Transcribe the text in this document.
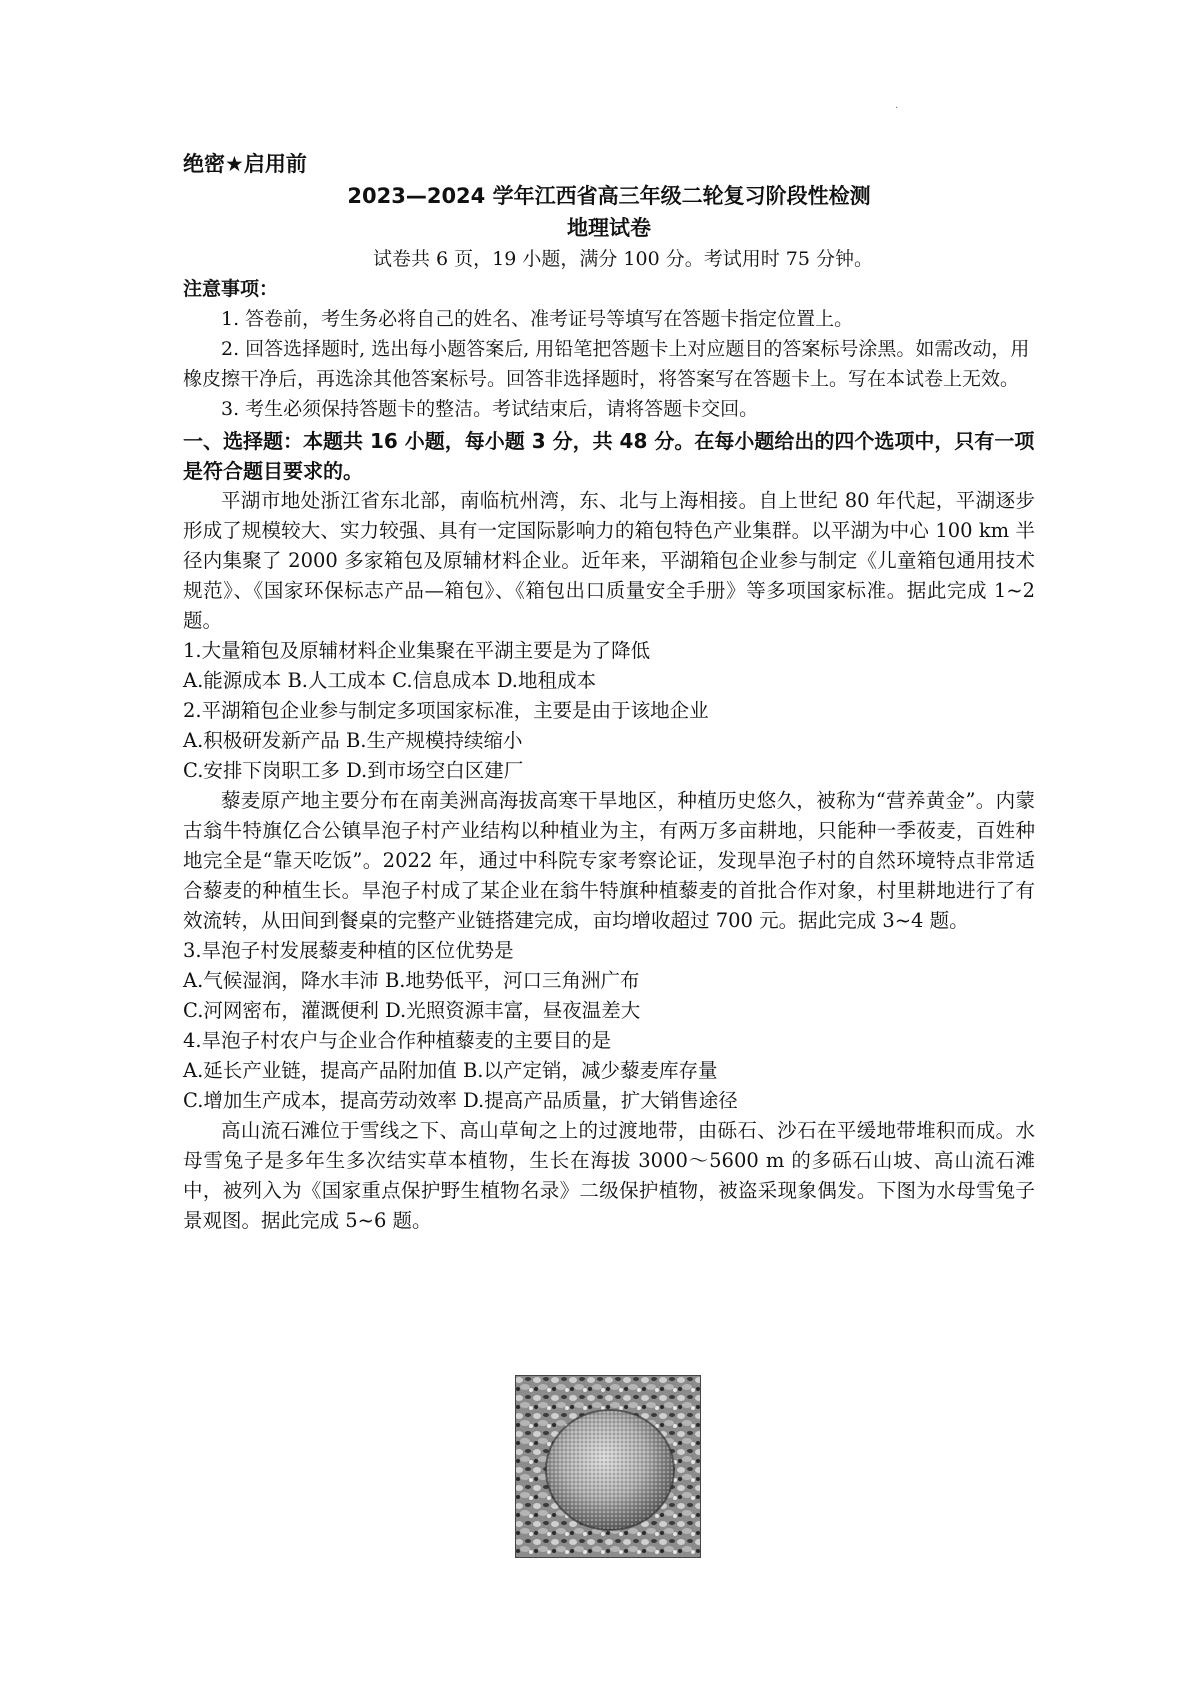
·
绝密★启用前
2023—2024 学年江西省高三年级二轮复习阶段性检测
地理试卷
试卷共 6 页，19 小题，满分 100 分。考试用时 75 分钟。
注意事项：

1. 答卷前，考生务必将自己的姓名、准考证号等填写在答题卡指定位置上。

2. 回答选择题时, 选出每小题答案后, 用铅笔把答题卡上对应题目的答案标号涂黑。如需改动，用橡皮擦干净后，再选涂其他答案标号。回答非选择题时，将答案写在答题卡上。写在本试卷上无效。

3. 考生必须保持答题卡的整洁。考试结束后，请将答题卡交回。

一、选择题：本题共 16 小题，每小题 3 分，共 48 分。在每小题给出的四个选项中，只有一项是符合题目要求的。

平湖市地处浙江省东北部，南临杭州湾，东、北与上海相接。自上世纪 80 年代起，平湖逐步形成了规模较大、实力较强、具有一定国际影响力的箱包特色产业集群。以平湖为中心 100 km 半径内集聚了 2000 多家箱包及原辅材料企业。近年来，平湖箱包企业参与制定《儿童箱包通用技术规范》、《国家环保标志产品—箱包》、《箱包出口质量安全手册》等多项国家标准。据此完成 1~2 题。

1.大量箱包及原辅材料企业集聚在平湖主要是为了降低
A.能源成本 B.人工成本 C.信息成本 D.地租成本
2.平湖箱包企业参与制定多项国家标准，主要是由于该地企业
A.积极研发新产品 B.生产规模持续缩小
C.安排下岗职工多 D.到市场空白区建厂

藜麦原产地主要分布在南美洲高海拔高寒干旱地区，种植历史悠久，被称为“营养黄金”。内蒙古翁牛特旗亿合公镇旱泡子村产业结构以种植业为主，有两万多亩耕地，只能种一季莜麦，百姓种地完全是“靠天吃饭”。2022 年，通过中科院专家考察论证，发现旱泡子村的自然环境特点非常适合藜麦的种植生长。旱泡子村成了某企业在翁牛特旗种植藜麦的首批合作对象，村里耕地进行了有效流转，从田间到餐桌的完整产业链搭建完成，亩均增收超过 700 元。据此完成 3~4 题。

3.旱泡子村发展藜麦种植的区位优势是
A.气候湿润，降水丰沛 B.地势低平，河口三角洲广布
C.河网密布，灌溉便利 D.光照资源丰富，昼夜温差大
4.旱泡子村农户与企业合作种植藜麦的主要目的是
A.延长产业链，提高产品附加值 B.以产定销，减少藜麦库存量
C.增加生产成本，提高劳动效率 D.提高产品质量，扩大销售途径

高山流石滩位于雪线之下、高山草甸之上的过渡地带，由砾石、沙石在平缓地带堆积而成。水母雪兔子是多年生多次结实草本植物，生长在海拔 3000～5600 m 的多砾石山坡、高山流石滩中，被列入为《国家重点保护野生植物名录》二级保护植物，被盗采现象偶发。下图为水母雪兔子景观图。据此完成 5~6 题。
